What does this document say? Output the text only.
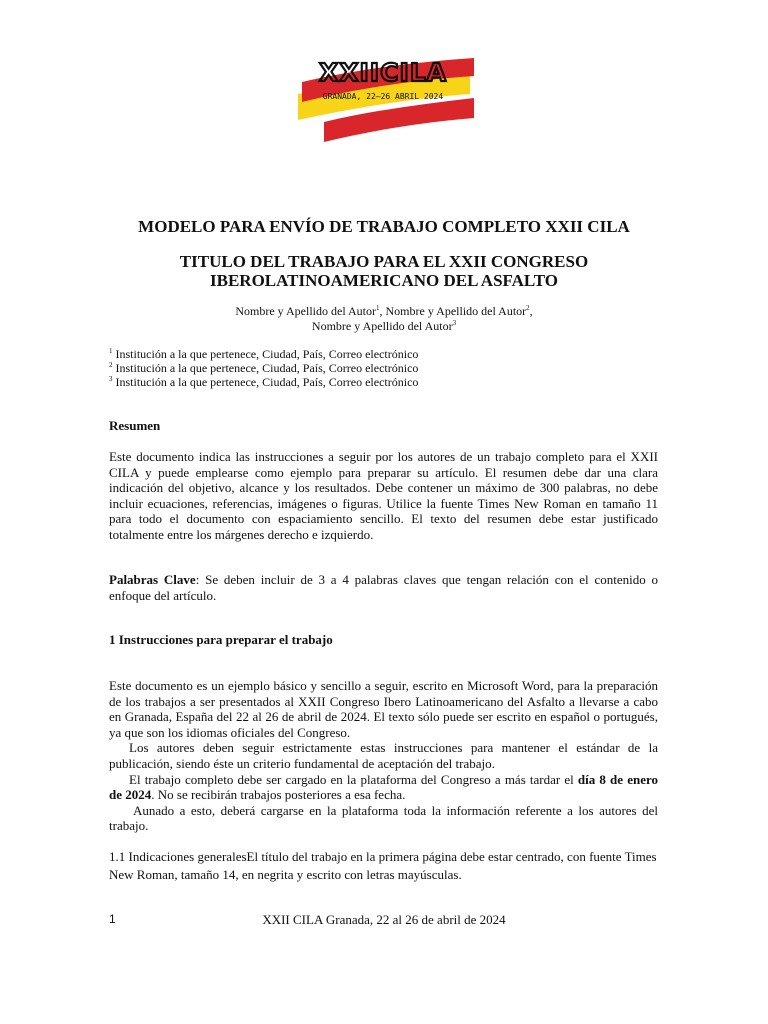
XXIICILA
GRANADA, 22–26 ABRIL 2024
MODELO PARA ENVÍO DE TRABAJO COMPLETO XXII CILA
TITULO DEL TRABAJO PARA EL XXII CONGRESO
IBEROLATINOAMERICANO DEL ASFALTO
Nombre y Apellido del Autor$^1$, Nombre y Apellido del Autor$^2$,
Nombre y Apellido del Autor$^3$
$^1$ Institución a la que pertenece, Ciudad, País, Correo electrónico
$^2$ Institución a la que pertenece, Ciudad, País, Correo electrónico
$^3$ Institución a la que pertenece, Ciudad, País, Correo electrónico
Resumen
Este documento indica las instrucciones a seguir por los autores de un trabajo completo para el XXII CILA y puede emplearse como ejemplo para preparar su artículo. El resumen debe dar una clara indicación del objetivo, alcance y los resultados. Debe contener un máximo de 300 palabras, no debe incluir ecuaciones, referencias, imágenes o figuras. Utilice la fuente Times New Roman en tamaño 11 para todo el documento con espaciamiento sencillo. El texto del resumen debe estar justificado totalmente entre los márgenes derecho e izquierdo.
Palabras Clave: Se deben incluir de 3 a 4 palabras claves que tengan relación con el contenido o enfoque del artículo.
1 Instrucciones para preparar el trabajo
Este documento es un ejemplo básico y sencillo a seguir, escrito en Microsoft Word, para la preparación de los trabajos a ser presentados al XXII Congreso Ibero Latinoamericano del Asfalto a llevarse a cabo en Granada, España del 22 al 26 de abril de 2024. El texto sólo puede ser escrito en español o portugués, ya que son los idiomas oficiales del Congreso.
Los autores deben seguir estrictamente estas instrucciones para mantener el estándar de la publicación, siendo éste un criterio fundamental de aceptación del trabajo.
El trabajo completo debe ser cargado en la plataforma del Congreso a más tardar el día 8 de enero de 2024. No se recibirán trabajos posteriores a esa fecha.
Aunado a esto, deberá cargarse en la plataforma toda la información referente a los autores del trabajo.
1.1 Indicaciones generalesEl título del trabajo en la primera página debe estar centrado, con fuente Times New Roman, tamaño 14, en negrita y escrito con letras mayúsculas.
1	XXII CILA Granada, 22 al 26 de abril de 2024
